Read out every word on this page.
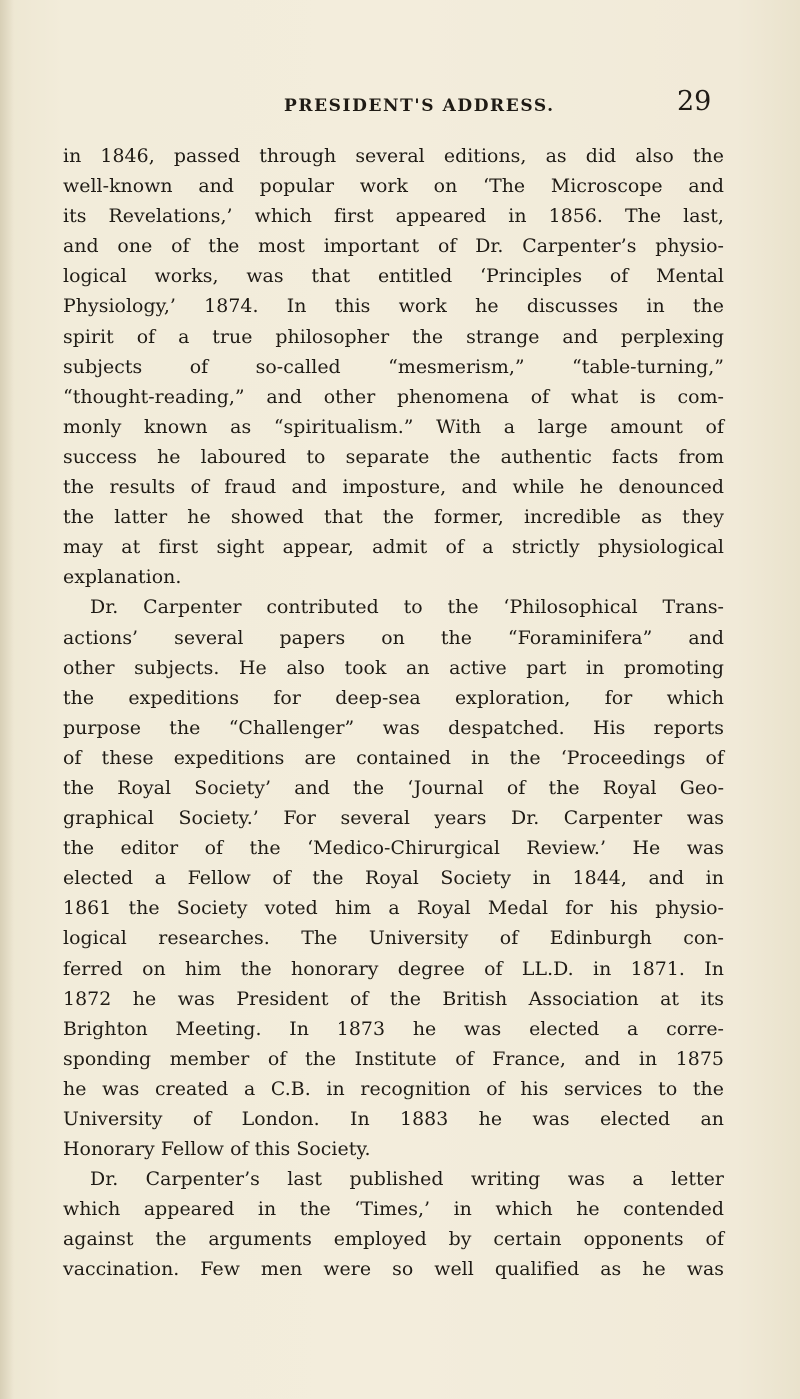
PRESIDENT'S ADDRESS.	29
in 1846, passed through several editions, as did also the
well-known and popular work on ‘The Microscope and
its Revelations,’ which first appeared in 1856. The last,
and one of the most important of Dr. Carpenter’s physio-
logical works, was that entitled ‘Principles of Mental
Physiology,’ 1874. In this work he discusses in the
spirit of a true philosopher the strange and perplexing
subjects of so-called “mesmerism,” “table-turning,”
“thought-reading,” and other phenomena of what is com-
monly known as “spiritualism.” With a large amount of
success he laboured to separate the authentic facts from
the results of fraud and imposture, and while he denounced
the latter he showed that the former, incredible as they
may at first sight appear, admit of a strictly physiological
explanation.
Dr. Carpenter contributed to the ‘Philosophical Trans-
actions’ several papers on the “Foraminifera” and
other subjects. He also took an active part in promoting
the expeditions for deep-sea exploration, for which
purpose the “Challenger” was despatched. His reports
of these expeditions are contained in the ‘Proceedings of
the Royal Society’ and the ‘Journal of the Royal Geo-
graphical Society.’ For several years Dr. Carpenter was
the editor of the ‘Medico-Chirurgical Review.’ He was
elected a Fellow of the Royal Society in 1844, and in
1861 the Society voted him a Royal Medal for his physio-
logical researches. The University of Edinburgh con-
ferred on him the honorary degree of LL.D. in 1871. In
1872 he was President of the British Association at its
Brighton Meeting. In 1873 he was elected a corre-
sponding member of the Institute of France, and in 1875
he was created a C.B. in recognition of his services to the
University of London. In 1883 he was elected an
Honorary Fellow of this Society.
Dr. Carpenter’s last published writing was a letter
which appeared in the ‘Times,’ in which he contended
against the arguments employed by certain opponents of
vaccination. Few men were so well qualified as he was
